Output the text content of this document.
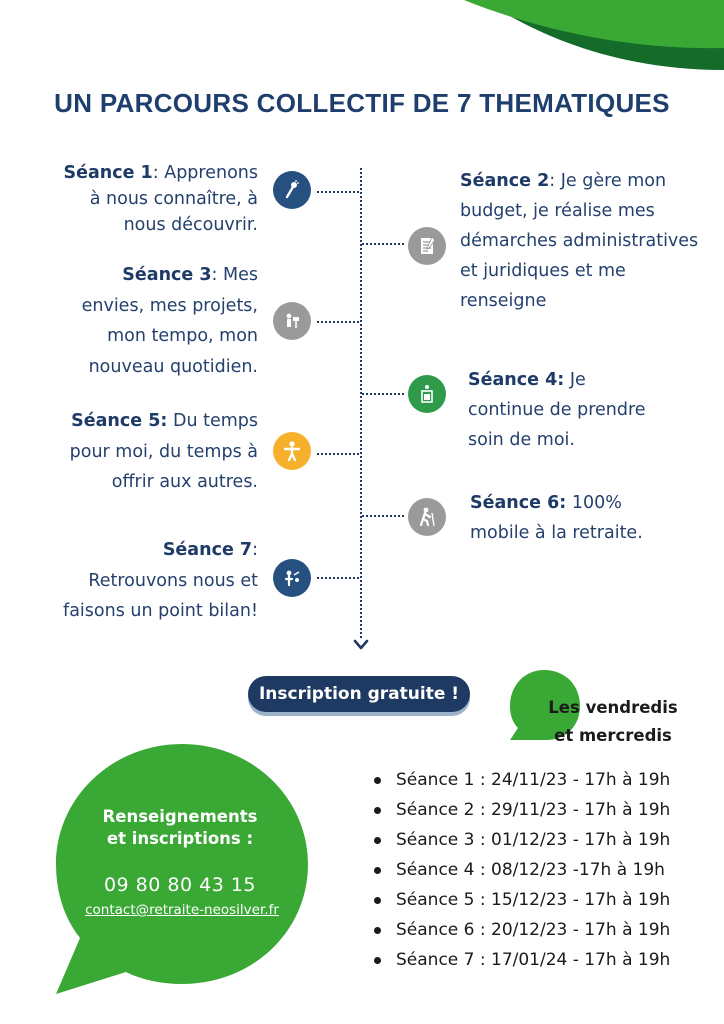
UN PARCOURS COLLECTIF DE 7 THEMATIQUES
Séance 1: Apprenons
à nous connaître, à
nous découvrir.
Séance 2: Je gère mon
budget, je réalise mes
démarches administratives
et juridiques et me
renseigne
Séance 3: Mes
envies, mes projets,
mon tempo, mon
nouveau quotidien.
Séance 4: Je
continue de prendre
soin de moi.
Séance 5: Du temps
pour moi, du temps à
offrir aux autres.
Séance 6: 100%
mobile à la retraite.
Séance 7:
Retrouvons nous et
faisons un point bilan!
Inscription gratuite !
Les vendredis
et mercredis
Séance 1 : 24/11/23 - 17h à 19h
Séance 2 : 29/11/23 - 17h à 19h
Séance 3 : 01/12/23 - 17h à 19h
Séance 4 : 08/12/23 -17h à 19h
Séance 5 : 15/12/23 - 17h à 19h
Séance 6 : 20/12/23 - 17h à 19h
Séance 7 : 17/01/24 - 17h à 19h
Renseignements
et inscriptions :
09 80 80 43 15
contact@retraite-neosilver.fr
